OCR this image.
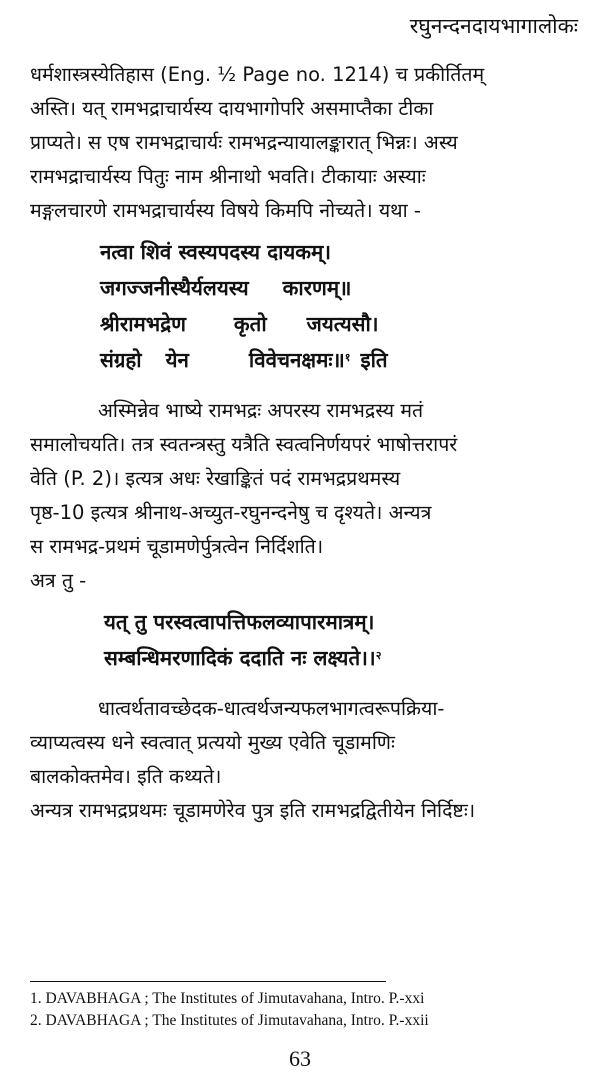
रघुनन्दनदायभागालोकः

धर्मशास्त्रस्येतिहास (Eng. ½ Page no. 1214) च प्रकीर्तितम्

अस्ति। यत् रामभद्राचार्यस्य दायभागोपरि असमाप्तैका टीका

प्राप्यते। स एष रामभद्राचार्यः रामभद्रन्यायालङ्कारात् भिन्नः। अस्य

रामभद्राचार्यस्य पितुः नाम श्रीनाथो भवति। टीकायाः अस्याः

मङ्गलचारणे रामभद्राचार्यस्य विषये किमपि नोच्यते। यथा -

नत्वा शिवं स्वस्यपदस्य दायकम्।
जगज्जनीस्थैर्यलयस्य कारणम्॥
श्रीरामभद्रेण कृतो जयत्यसौ।
संग्रहो येन	विवेचनक्षमः॥$^१$ इति

अस्मिन्नेव भाष्ये रामभद्रः अपरस्य रामभद्रस्य मतं

समालोचयति। तत्र स्वतन्त्रस्तु यत्रैति स्वत्वनिर्णयपरं भाषोत्तरापरं

वेति (P. 2)। इत्यत्र अधः रेखाङ्कितं पदं रामभद्रप्रथमस्य

पृष्ठ-10 इत्यत्र श्रीनाथ-अच्युत-रघुनन्दनेषु च दृश्यते। अन्यत्र

स रामभद्र-प्रथमं चूडामणेर्पुत्रत्वेन निर्दिशति।

अत्र तु -

यत् तु परस्वत्वापत्तिफलव्यापारमात्रम्।
सम्बन्धिमरणादिकं ददाति नः लक्ष्यते।।$^२$

धात्वर्थतावच्छेदक-धात्वर्थजन्यफलभागत्वरूपक्रिया-

व्याप्यत्वस्य धने स्वत्वात् प्रत्ययो मुख्य एवेति चूडामणिः

बालकोक्तमेव। इति कथ्यते।

अन्यत्र रामभद्रप्रथमः चूडामणेरेव पुत्र इति रामभद्रद्वितीयेन निर्दिष्टः।

1. DAVABHAGA ; The Institutes of Jimutavahana, Intro. P.-xxi

2. DAVABHAGA ; The Institutes of Jimutavahana, Intro. P.-xxii

63
